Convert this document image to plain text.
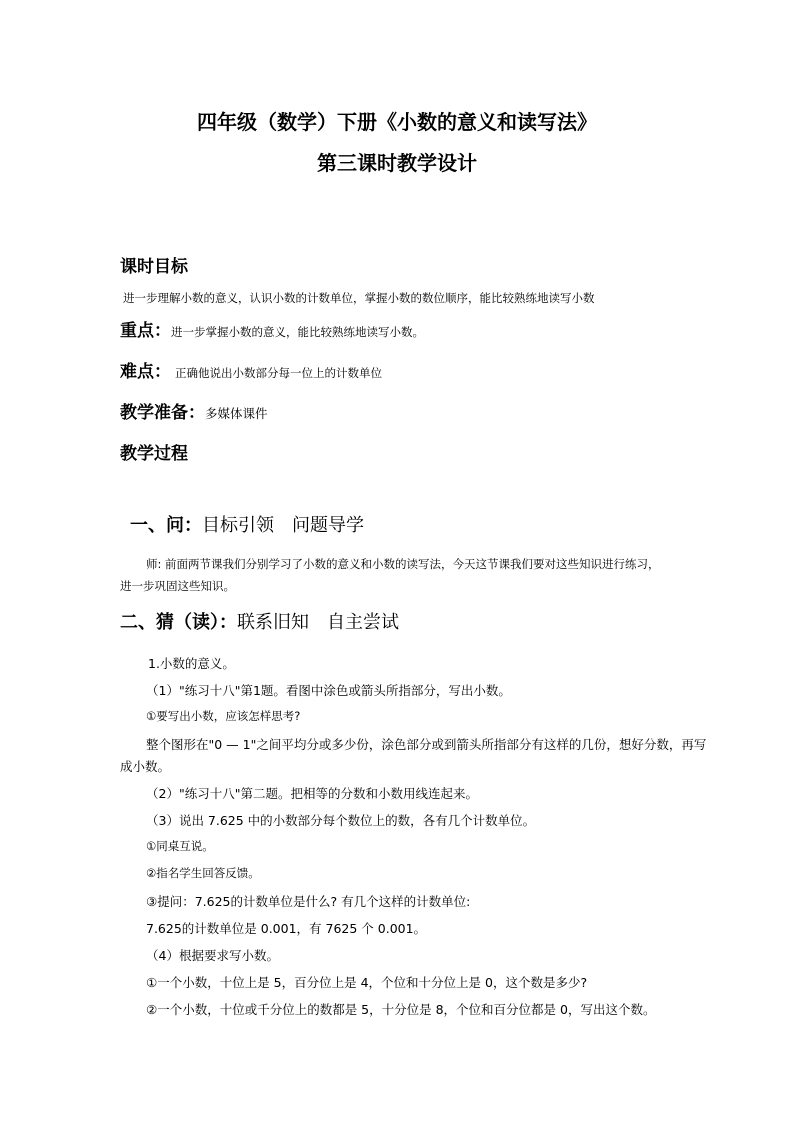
四年级（数学）下册《小数的意义和读写法》
第三课时教学设计
课时目标
进一步理解小数的意义，认识小数的计数单位，掌握小数的数位顺序，能比较熟练地读写小数
重点：进一步掌握小数的意义，能比较熟练地读写小数。
难点： 正确他说出小数部分每一位上的计数单位
教学准备：多媒体课件
教学过程
一、问：目标引领　问题导学
师: 前面两节课我们分别学习了小数的意义和小数的读写法，今天这节课我们要对这些知识进行练习，
进一步巩固这些知识。
二、猜（读）：联系旧知　自主尝试
1.小数的意义。
（1）"练习十八"第1题。看图中涂色或箭头所指部分，写出小数。
①要写出小数，应该怎样思考?
整个图形在"0 — 1"之间平均分或多少份，涂色部分或到箭头所指部分有这样的几份，想好分数，再写
成小数。
（2）"练习十八"第二题。把相等的分数和小数用线连起来。
（3）说出 7.625 中的小数部分每个数位上的数，各有几个计数单位。
①同桌互说。
②指名学生回答反馈。
③提问：7.625的计数单位是什么? 有几个这样的计数单位:
7.625的计数单位是 0.001，有 7625 个 0.001。
（4）根据要求写小数。
①一个小数，十位上是 5，百分位上是 4，个位和十分位上是 0，这个数是多少?
②一个小数，十位或千分位上的数都是 5，十分位是 8，个位和百分位都是 0，写出这个数。
